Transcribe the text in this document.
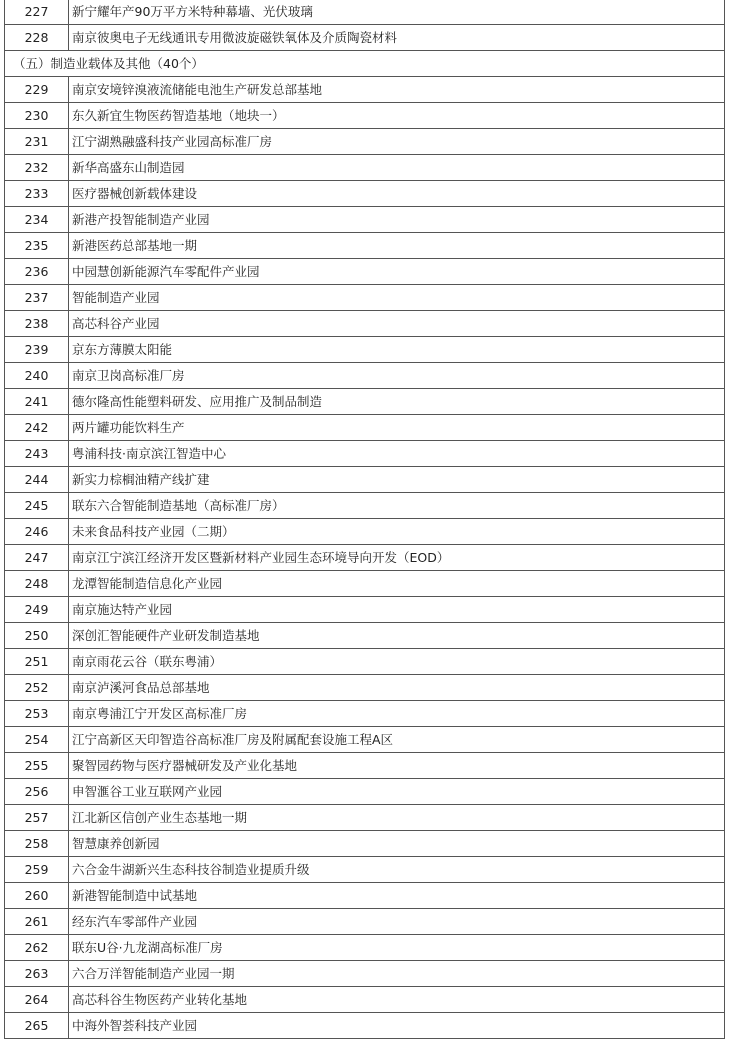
227	新宁耀年产90万平方米特种幕墙、光伏玻璃
228	南京彼奥电子无线通讯专用微波旋磁铁氧体及介质陶瓷材料
（五）制造业载体及其他（40个）	
229	南京安境锌溴液流储能电池生产研发总部基地
230	东久新宜生物医药智造基地（地块一）
231	江宁湖熟融盛科技产业园高标准厂房
232	新华高盛东山制造园
233	医疗器械创新载体建设
234	新港产投智能制造产业园
235	新港医药总部基地一期
236	中园慧创新能源汽车零配件产业园
237	智能制造产业园
238	高芯科谷产业园
239	京东方薄膜太阳能
240	南京卫岗高标准厂房
241	德尔隆高性能塑料研发、应用推广及制品制造
242	两片罐功能饮料生产
243	粤浦科技·南京滨江智造中心
244	新实力棕榈油精产线扩建
245	联东六合智能制造基地（高标准厂房）
246	未来食品科技产业园（二期）
247	南京江宁滨江经济开发区暨新材料产业园生态环境导向开发（EOD）
248	龙潭智能制造信息化产业园
249	南京施达特产业园
250	深创汇智能硬件产业研发制造基地
251	南京雨花云谷（联东粤浦）
252	南京泸溪河食品总部基地
253	南京粤浦江宁开发区高标准厂房
254	江宁高新区天印智造谷高标准厂房及附属配套设施工程A区
255	聚智园药物与医疗器械研发及产业化基地
256	申智滙谷工业互联网产业园
257	江北新区信创产业生态基地一期
258	智慧康养创新园
259	六合金牛湖新兴生态科技谷制造业提质升级
260	新港智能制造中试基地
261	经东汽车零部件产业园
262	联东U谷·九龙湖高标准厂房
263	六合万洋智能制造产业园一期
264	高芯科谷生物医药产业转化基地
265	中海外智荟科技产业园
